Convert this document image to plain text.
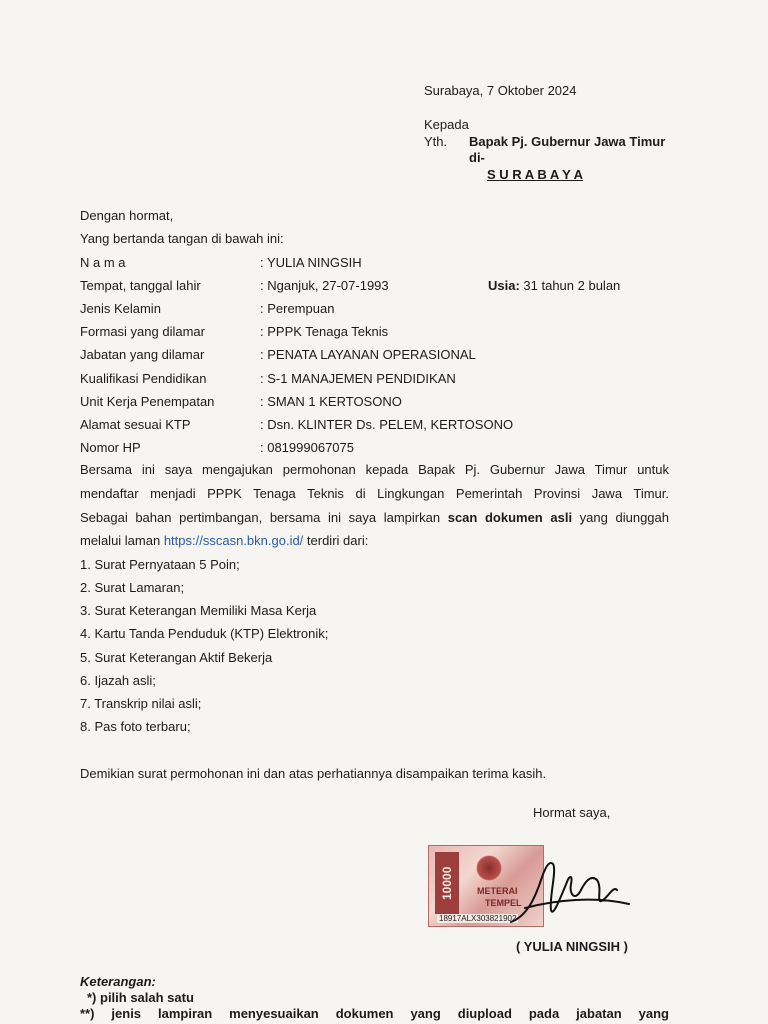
Surabaya, 7 Oktober 2024
Kepada
Yth. Bapak Pj. Gubernur Jawa Timur
di-
S U R A B A Y A
Dengan hormat,
Yang bertanda tangan di bawah ini:
N a m a	: YULIA NINGSIH
Tempat, tanggal lahir	: Nganjuk, 27-07-1993	Usia: 31 tahun 2 bulan
Jenis Kelamin	: Perempuan
Formasi yang dilamar	: PPPK Tenaga Teknis
Jabatan yang dilamar	: PENATA LAYANAN OPERASIONAL
Kualifikasi Pendidikan	: S-1 MANAJEMEN PENDIDIKAN
Unit Kerja Penempatan	: SMAN 1 KERTOSONO
Alamat sesuai KTP	: Dsn. KLINTER Ds. PELEM, KERTOSONO
Nomor HP	: 081999067075
Bersama ini saya mengajukan permohonan kepada Bapak Pj. Gubernur Jawa Timur untuk
mendaftar menjadi PPPK Tenaga Teknis di Lingkungan Pemerintah Provinsi Jawa Timur.
Sebagai bahan pertimbangan, bersama ini saya lampirkan scan dokumen asli yang diunggah
melalui laman https://sscasn.bkn.go.id/ terdiri dari:
1. Surat Pernyataan 5 Poin;
2. Surat Lamaran;
3. Surat Keterangan Memiliki Masa Kerja
4. Kartu Tanda Penduduk (KTP) Elektronik;
5. Surat Keterangan Aktif Bekerja
6. Ijazah asli;
7. Transkrip nilai asli;
8. Pas foto terbaru;
Demikian surat permohonan ini dan atas perhatiannya disampaikan terima kasih.
Hormat saya,
10000	METERAI
TEMPEL
18917ALX303821902
( YULIA NINGSIH )
Keterangan:
*) pilih salah satu
**) jenis lampiran menyesuaikan dokumen yang diupload pada jabatan yang
